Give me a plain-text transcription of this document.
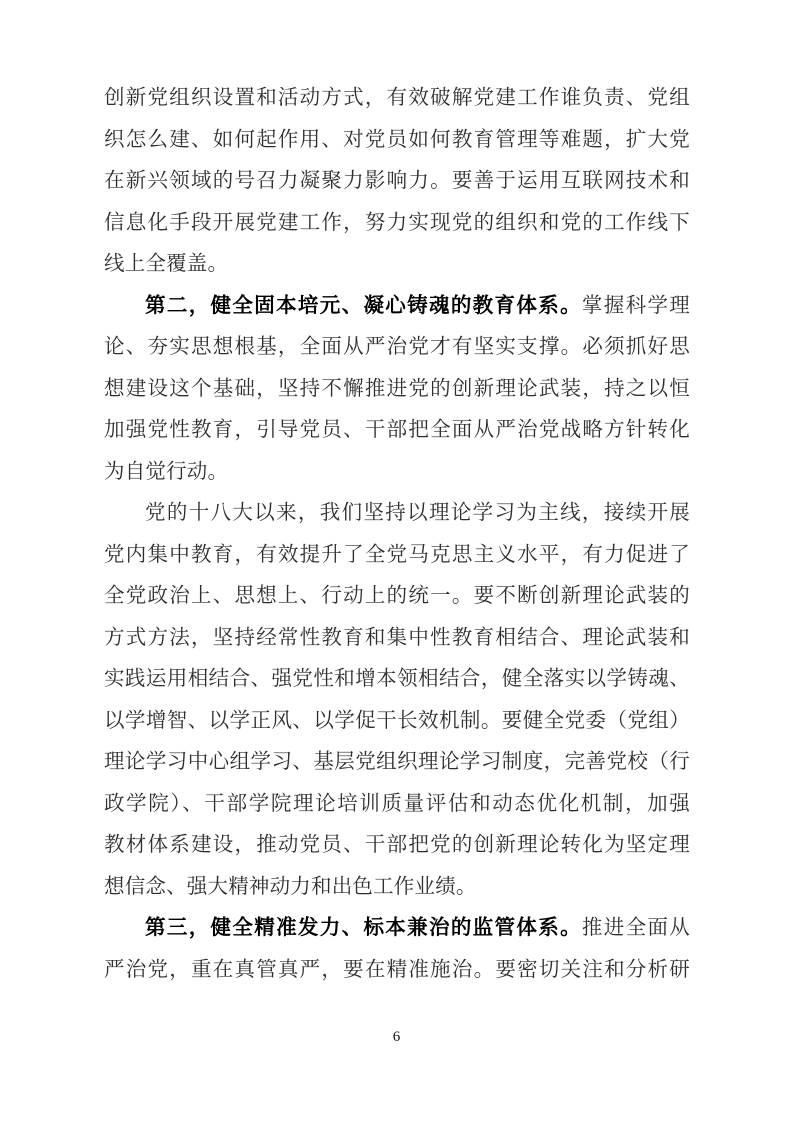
创新党组织设置和活动方式，有效破解党建工作谁负责、党组
织怎么建、如何起作用、对党员如何教育管理等难题，扩大党
在新兴领域的号召力凝聚力影响力。要善于运用互联网技术和
信息化手段开展党建工作，努力实现党的组织和党的工作线下
线上全覆盖。
第二，健全固本培元、凝心铸魂的教育体系。掌握科学理
论、夯实思想根基，全面从严治党才有坚实支撑。必须抓好思
想建设这个基础，坚持不懈推进党的创新理论武装，持之以恒
加强党性教育，引导党员、干部把全面从严治党战略方针转化
为自觉行动。
党的十八大以来，我们坚持以理论学习为主线，接续开展
党内集中教育，有效提升了全党马克思主义水平，有力促进了
全党政治上、思想上、行动上的统一。要不断创新理论武装的
方式方法，坚持经常性教育和集中性教育相结合、理论武装和
实践运用相结合、强党性和增本领相结合，健全落实以学铸魂、
以学增智、以学正风、以学促干长效机制。要健全党委（党组）
理论学习中心组学习、基层党组织理论学习制度，完善党校（行
政学院）、干部学院理论培训质量评估和动态优化机制，加强
教材体系建设，推动党员、干部把党的创新理论转化为坚定理
想信念、强大精神动力和出色工作业绩。
第三，健全精准发力、标本兼治的监管体系。推进全面从
严治党，重在真管真严，要在精准施治。要密切关注和分析研
6
